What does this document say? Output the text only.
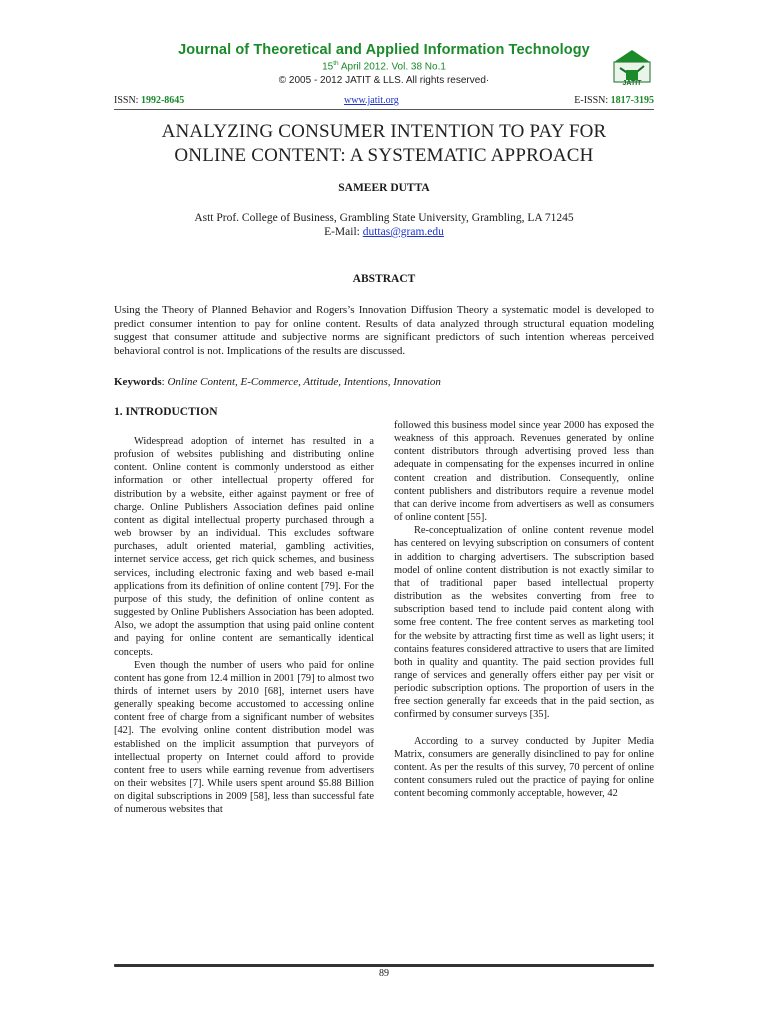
Journal of Theoretical and Applied Information Technology
15th April 2012. Vol. 38 No.1
© 2005 - 2012 JATIT & LLS. All rights reserved·	JATIT
ISSN: 1992-8645	www.jatit.org	E-ISSN: 1817-3195
ANALYZING CONSUMER INTENTION TO PAY FOR
ONLINE CONTENT: A SYSTEMATIC APPROACH
SAMEER DUTTA
Astt Prof. College of Business, Grambling State University, Grambling, LA 71245
E-Mail: duttas@gram.edu
ABSTRACT
Using the Theory of Planned Behavior and Rogers’s Innovation Diffusion Theory a systematic model is developed to predict consumer intention to pay for online content. Results of data analyzed through structural equation modeling suggest that consumer attitude and subjective norms are significant predictors of such intention whereas perceived behavioral control is not. Implications of the results are discussed.
Keywords: Online Content, E-Commerce, Attitude, Intentions, Innovation
1. INTRODUCTION

Widespread adoption of internet has resulted in a profusion of websites publishing and distributing online content. Online content is commonly understood as either information or other intellectual property offered for distribution by a website, either against payment or free of charge. Online Publishers Association defines paid online content as digital intellectual property purchased through a web browser by an individual. This excludes software purchases, adult oriented material, gambling activities, internet service access, get rich quick schemes, and business services, including electronic faxing and web based e-mail applications from its definition of online content [79]. For the purpose of this study, the definition of online content as suggested by Online Publishers Association has been adopted. Also, we adopt the assumption that using paid online content and paying for online content are semantically identical concepts.

Even though the number of users who paid for online content has gone from 12.4 million in 2001 [79] to almost two thirds of internet users by 2010 [68], internet users have generally speaking become accustomed to accessing online content free of charge from a significant number of websites [42]. The evolving online content distribution model was established on the implicit assumption that purveyors of intellectual property on Internet could afford to provide content free to users while earning revenue from advertisers on their websites [7]. While users spent around $5.88 Billion on digital subscriptions in 2009 [58], less than successful fate of numerous websites that

followed this business model since year 2000 has exposed the weakness of this approach. Revenues generated by online content distributors through advertising proved less than adequate in compensating for the expenses incurred in online content creation and distribution. Consequently, online content publishers and distributors require a revenue model that can derive income from advertisers as well as consumers of online content [55].

Re-conceptualization of online content revenue model has centered on levying subscription on consumers of content in addition to charging advertisers. The subscription based model of online content distribution is not exactly similar to that of traditional paper based intellectual property distribution as the websites converting from free to subscription based tend to include paid content along with some free content. The free content serves as marketing tool for the website by attracting first time as well as light users; it contains features considered attractive to users that are limited both in quality and quantity. The paid section provides full range of services and generally offers either pay per visit or periodic subscription options. The proportion of users in the free section generally far exceeds that in the paid section, as confirmed by consumer surveys [35].

According to a survey conducted by Jupiter Media Matrix, consumers are generally disinclined to pay for online content. As per the results of this survey, 70 percent of online content consumers ruled out the practice of paying for online content becoming commonly acceptable, however, 42

89
